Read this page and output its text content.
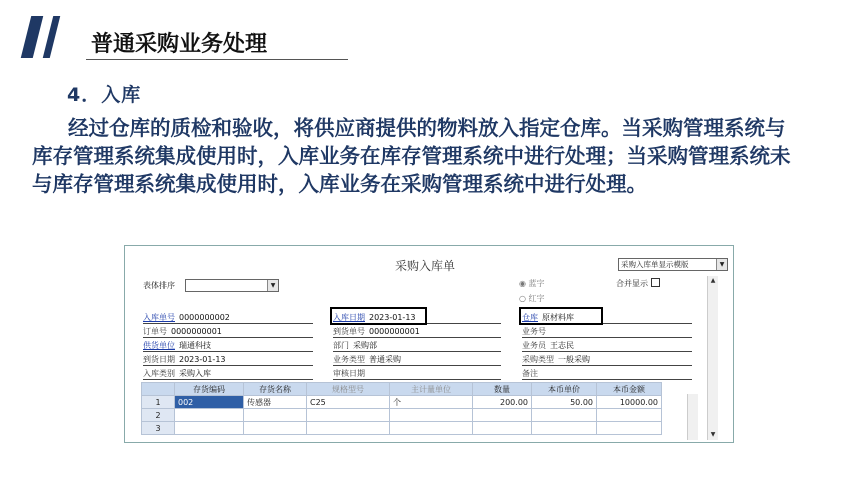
普通采购业务处理
4．入库
经过仓库的质检和验收，将供应商提供的物料放入指定仓库。当采购管理系统与库存管理系统集成使用时，入库业务在库存管理系统中进行处理；当采购管理系统未与库存管理系统集成使用时，入库业务在采购管理系统中进行处理。
采购入库单	采购入库单显示模版	▼
表体排序	▼	◉ 蓝字
○ 红字
合并显示
入库单号 0000000002	入库日期 2023-01-13	仓库 原材料库
订单号 0000000001	到货单号 0000000001	业务号
供货单位 瑞通科技	部门 采购部	业务员 王志民
到货日期 2023-01-13	业务类型 普通采购	采购类型 一般采购
入库类别 采购入库	审核日期	备注
	存货编码	存货名称	规格型号	主计量单位	数量	本币单价	本币金额
1	002	传感器	C25	个	200.00	50.00	10000.00
2							
3							
▲
▼
